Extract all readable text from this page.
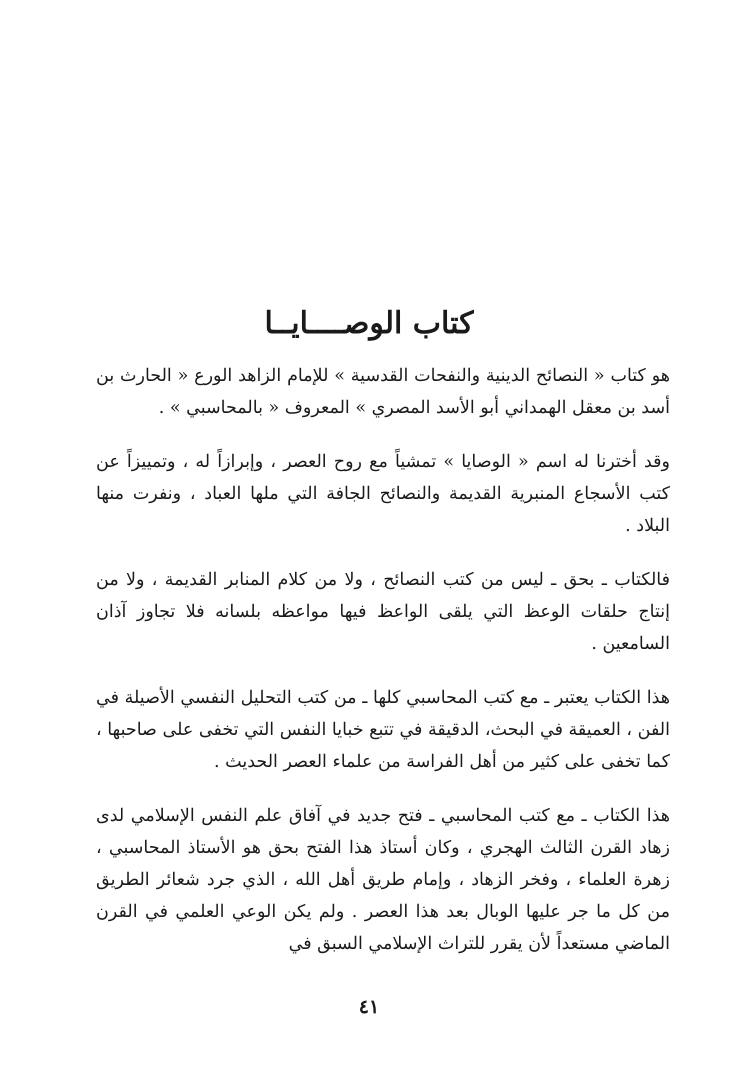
كتاب الوصــــايــا

هو كتاب « النصائح الدينية والنفحات القدسية » للإمام الزاهد الورع « الحارث بن أسد بن معقل الهمداني أبو الأسد المصري » المعروف « بالمحاسبي » .

وقد أخترنا له اسم « الوصايا » تمشياً مع روح العصر ، وإبرازاً له ، وتمييزاً عن كتب الأسجاع المنبرية القديمة والنصائح الجافة التي ملها العباد ، ونفرت منها البلاد .

فالكتاب ـ بحق ـ ليس من كتب النصائح ، ولا من كلام المنابر القديمة ، ولا من إنتاج حلقات الوعظ التي يلقى الواعظ فيها مواعظه بلسانه فلا تجاوز آذان السامعين .

هذا الكتاب يعتبر ـ مع كتب المحاسبي كلها ـ من كتب التحليل النفسي الأصيلة في الفن ، العميقة في البحث، الدقيقة في تتبع خبايا النفس التي تخفى على صاحبها ، كما تخفى على كثير من أهل الفراسة من علماء العصر الحديث .

هذا الكتاب ـ مع كتب المحاسبي ـ فتح جديد في آفاق علم النفس الإسلامي لدى زهاد القرن الثالث الهجري ، وكان أستاذ هذا الفتح بحق هو الأستاذ المحاسبي ، زهرة العلماء ، وفخر الزهاد ، وإمام طريق أهل الله ، الذي جرد شعائر الطريق من كل ما جر عليها الوبال بعد هذا العصر . ولم يكن الوعي العلمي في القرن الماضي مستعداً لأن يقرر للتراث الإسلامي السبق في

٤١
